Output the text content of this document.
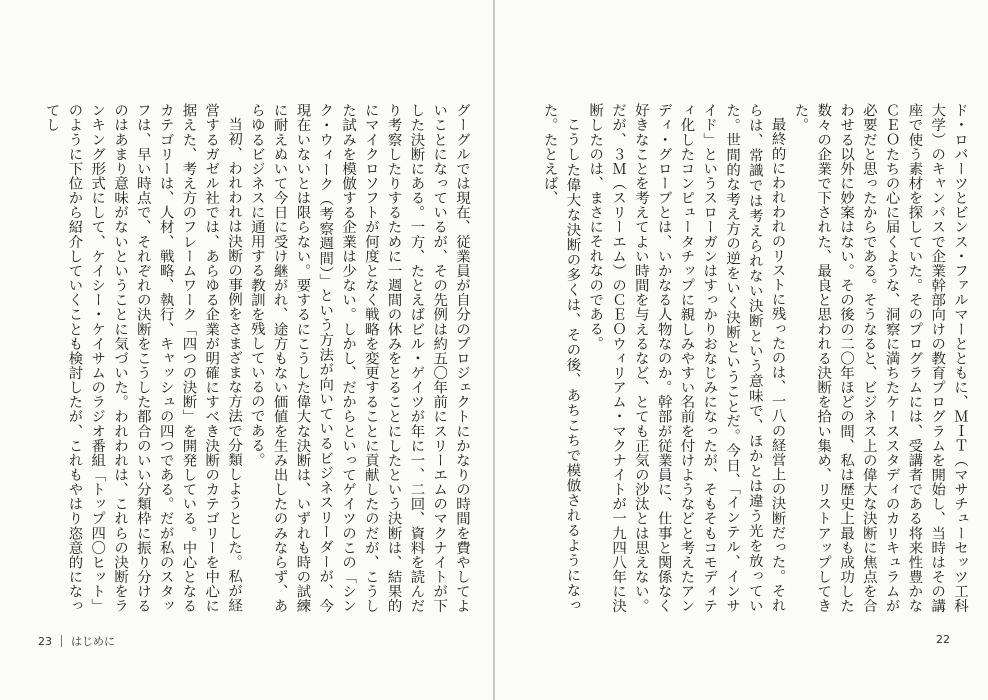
グーグルでは現在、従業員が自分のプロジェクトにかなりの時間を費やしてよいことになっているが、その先例は約五〇年前にスリーエムのマクナイトが下した決断にある。一方、たとえばビル・ゲイツが年に一、二回、資料を読んだり考察したりするために一週間の休みをとることにしたという決断は、結果的にマイクロソフトが何度となく戦略を変更することに貢献したのだが、こうした試みを模倣する企業は少ない。しかし、だからといってゲイツのこの「シンク・ウィーク（考察週間）」という方法が向いているビジネスリーダーが、今現在いないとは限らない。要するにこうした偉大な決断は、いずれも時の試練に耐えぬいて今日に受け継がれ、途方もない価値を生み出したのみならず、あらゆるビジネスに通用する教訓を残しているのである。

当初、われわれは決断の事例をさまざまな方法で分類しようとした。私が経営するガゼル社では、あらゆる企業が明確にすべき決断のカテゴリーを中心に据えた、考え方のフレームワーク「四つの決断」を開発している。中心となるカテゴリーは、人材、戦略、執行、キャッシュの四つである。だが私のスタッフは、早い時点で、それぞれの決断をこうした都合のいい分類枠に振り分けるのはあまり意味がないということに気づいた。われわれは、これらの決断をランキング形式にして、ケイシー・ケイサムのラジオ番組「トップ四〇ヒット」のように下位から紹介していくことも検討したが、これもやはり恣意的になってし

23 はじめに

ド・ロバーツとビンス・ファルマーとともに、ＭＩＴ（マサチューセッツ工科大学）のキャンパスで企業幹部向けの教育プログラムを開始し、当時はその講座で使う素材を探していた。そのプログラムには、受講者である将来性豊かなＣＥＯたちの心に届くような、洞察に満ちたケーススタディのカリキュラムが必要だと思ったからである。そうなると、ビジネス上の偉大な決断に焦点を合わせる以外に妙案はない。その後の二〇年ほどの間、私は歴史上最も成功した数々の企業で下された、最良と思われる決断を拾い集め、リストアップしてきた。

最終的にわれわれのリストに残ったのは、一八の経営上の決断だった。それらは、常識では考えられない決断という意味で、ほかとは違う光を放っていた。世間的な考え方の逆をいく決断ということだ。今日、「インテル、インサイド」というスローガンはすっかりおなじみになったが、そもそもコモディティ化したコンピュータチップに親しみやすい名前を付けようなどと考えたアンディ・グローブとは、いかなる人物なのか。幹部が従業員に、仕事と関係なく好きなことを考えてよい時間を与えるなど、とても正気の沙汰とは思えない。だが、３Ｍ（スリーエム）のＣＥＯウィリアム・マクナイトが一九四八年に決断したのは、まさにそれなのである。

こうした偉大な決断の多くは、その後、あちこちで模倣されるようになった。たとえば、

22
